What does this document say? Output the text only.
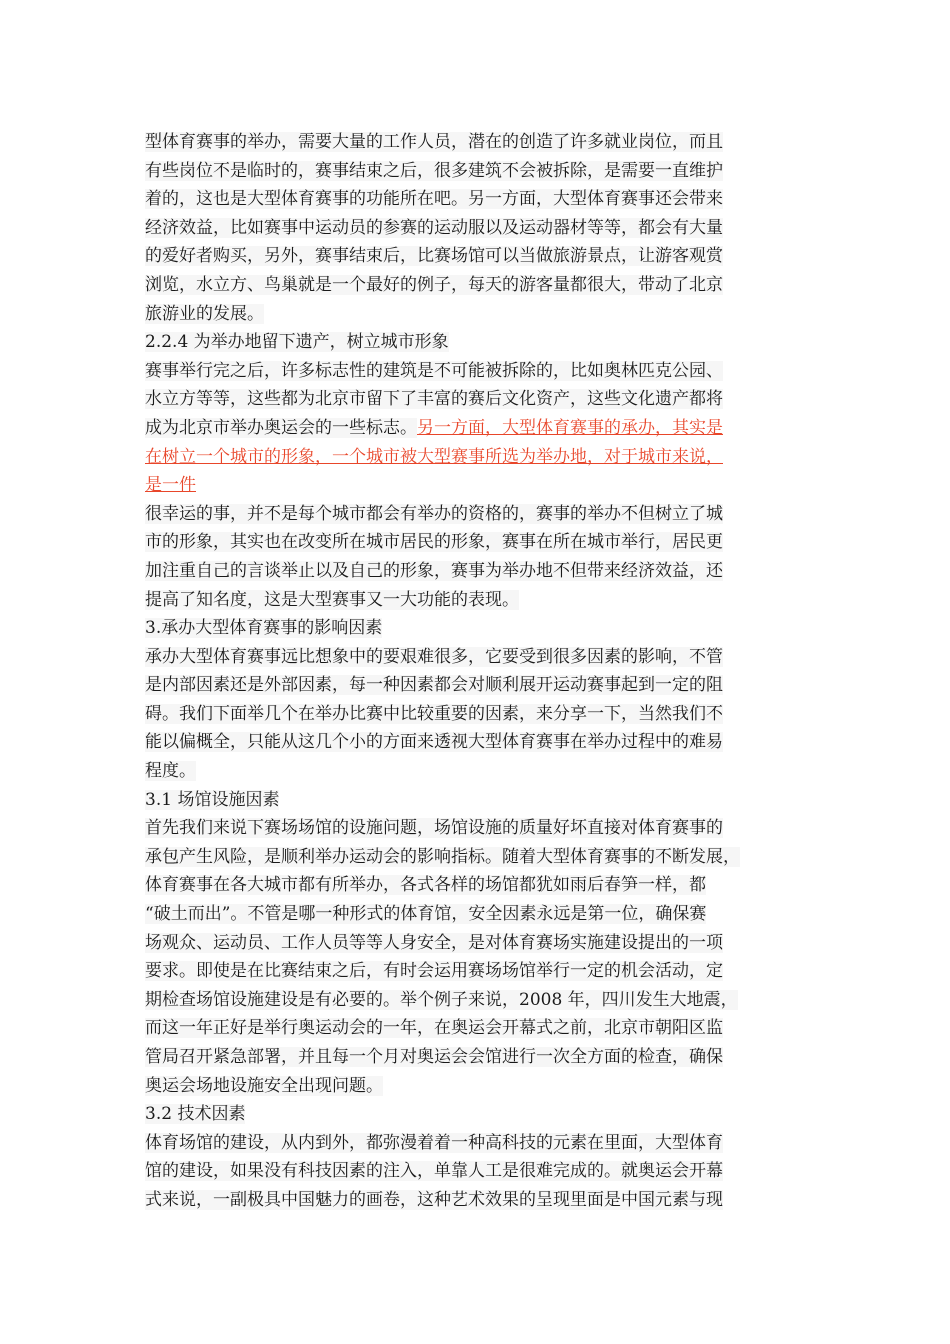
型体育赛事的举办，需要大量的工作人员，潜在的创造了许多就业岗位，而且
有些岗位不是临时的，赛事结束之后，很多建筑不会被拆除，是需要一直维护
着的，这也是大型体育赛事的功能所在吧。另一方面，大型体育赛事还会带来
经济效益，比如赛事中运动员的参赛的运动服以及运动器材等等，都会有大量
的爱好者购买，另外，赛事结束后，比赛场馆可以当做旅游景点，让游客观赏
浏览，水立方、鸟巢就是一个最好的例子，每天的游客量都很大，带动了北京
旅游业的发展。
2.2.4 为举办地留下遗产，树立城市形象
赛事举行完之后，许多标志性的建筑是不可能被拆除的，比如奥林匹克公园、
水立方等等，这些都为北京市留下了丰富的赛后文化资产，这些文化遗产都将
成为北京市举办奥运会的一些标志。另一方面，大型体育赛事的承办，其实是
在树立一个城市的形象，一个城市被大型赛事所选为举办地，对于城市来说，
是一件
很幸运的事，并不是每个城市都会有举办的资格的，赛事的举办不但树立了城
市的形象，其实也在改变所在城市居民的形象，赛事在所在城市举行，居民更
加注重自己的言谈举止以及自己的形象，赛事为举办地不但带来经济效益，还
提高了知名度，这是大型赛事又一大功能的表现。
3.承办大型体育赛事的影响因素
承办大型体育赛事远比想象中的要艰难很多，它要受到很多因素的影响，不管
是内部因素还是外部因素，每一种因素都会对顺利展开运动赛事起到一定的阻
碍。我们下面举几个在举办比赛中比较重要的因素，来分享一下，当然我们不
能以偏概全，只能从这几个小的方面来透视大型体育赛事在举办过程中的难易
程度。
3.1 场馆设施因素
首先我们来说下赛场场馆的设施问题，场馆设施的质量好坏直接对体育赛事的
承包产生风险，是顺利举办运动会的影响指标。随着大型体育赛事的不断发展，
体育赛事在各大城市都有所举办，各式各样的场馆都犹如雨后春笋一样，都
“破土而出”。不管是哪一种形式的体育馆，安全因素永远是第一位，确保赛
场观众、运动员、工作人员等等人身安全，是对体育赛场实施建设提出的一项
要求。即使是在比赛结束之后，有时会运用赛场场馆举行一定的机会活动，定
期检查场馆设施建设是有必要的。举个例子来说，2008 年，四川发生大地震，
而这一年正好是举行奥运动会的一年，在奥运会开幕式之前，北京市朝阳区监
管局召开紧急部署，并且每一个月对奥运会会馆进行一次全方面的检查，确保
奥运会场地设施安全出现问题。
3.2 技术因素
体育场馆的建设，从内到外，都弥漫着着一种高科技的元素在里面，大型体育
馆的建设，如果没有科技因素的注入，单靠人工是很难完成的。就奥运会开幕
式来说，一副极具中国魅力的画卷，这种艺术效果的呈现里面是中国元素与现
